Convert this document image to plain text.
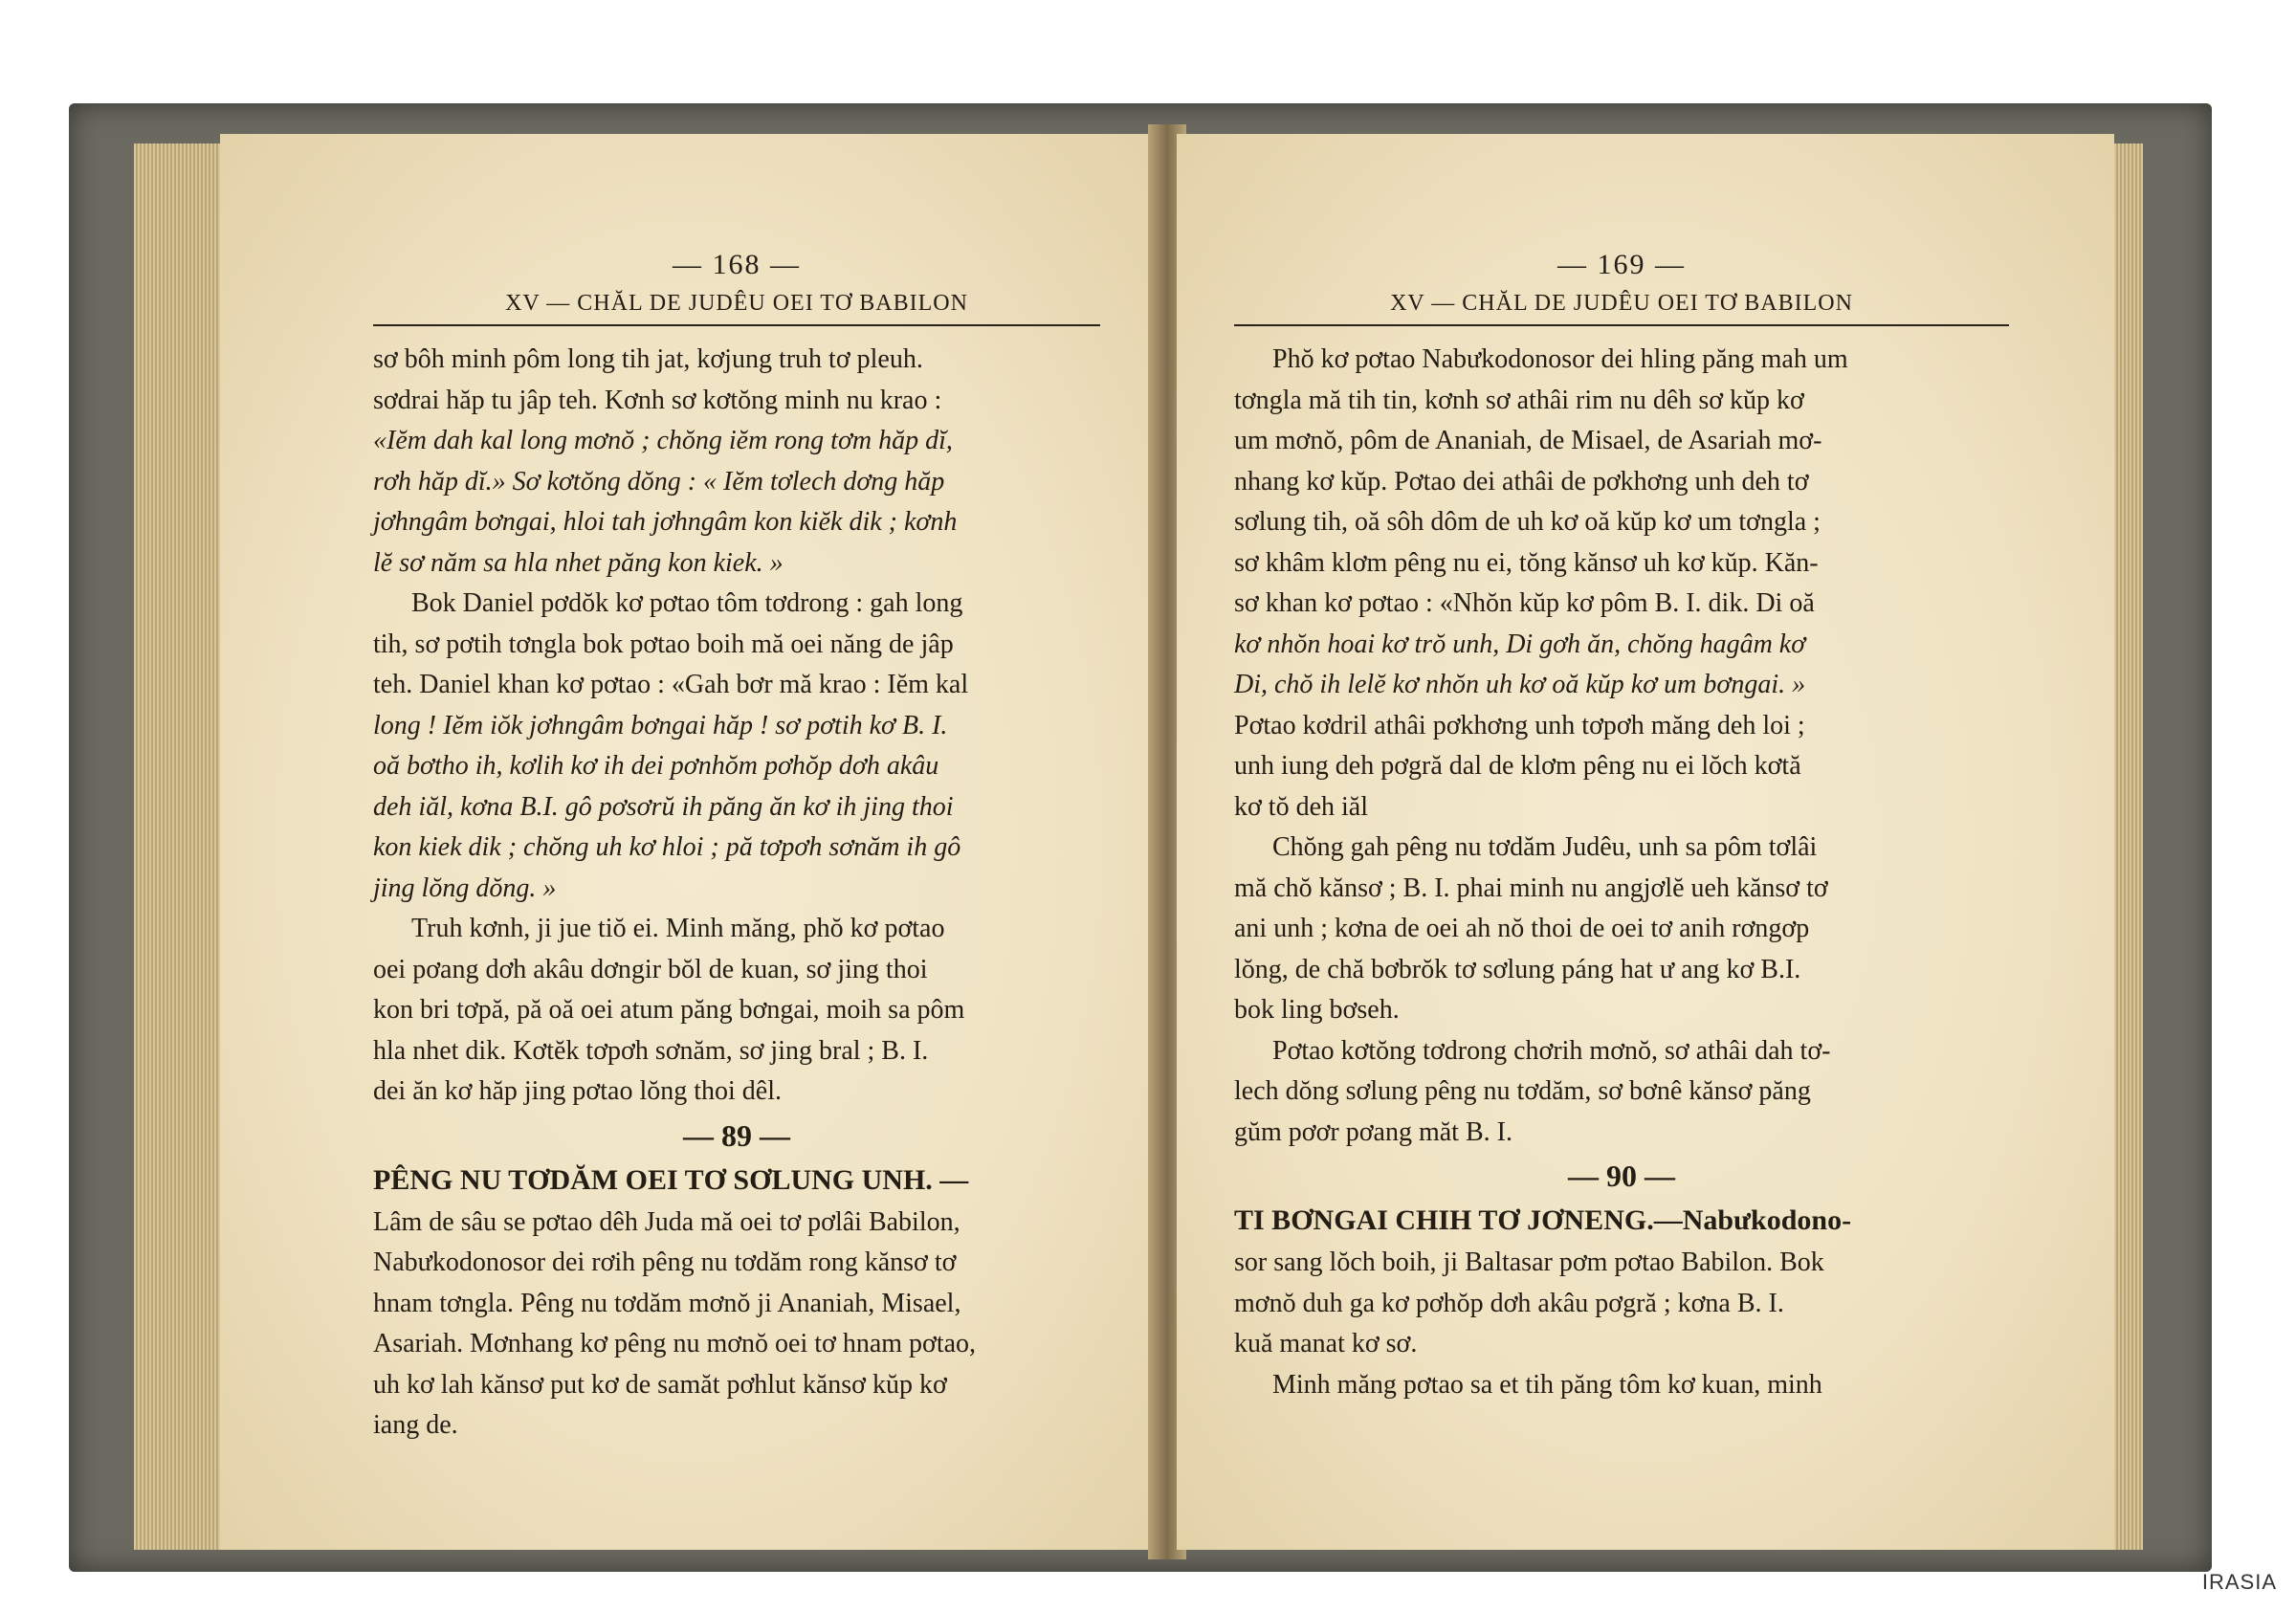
— 168 —
XV — CHĂL DE JUDÊU OEI TƠ BABILON
sơ bôh minh pôm long tih jat, kơjung truh tơ pleuh.
sơdrai hăp tu jâp teh. Kơnh sơ kơtŏng minh nu krao :
«Iĕm dah kal long mơnŏ ; chŏng iĕm rong tơm hăp dĭ,
rơh hăp dĭ.» Sơ kơtŏng dŏng : « Iĕm tơlech dơng hăp
jơhngâm bơngai, hloi tah jơhngâm kon kiĕk dik ; kơnh
lĕ sơ năm sa hla nhet păng kon kiek. »
Bok Daniel pơdŏk kơ pơtao tôm tơdrong : gah long
tih, sơ pơtih tơngla bok pơtao boih mă oei năng de jâp
teh. Daniel khan kơ pơtao : «Gah bơr mă krao : Iĕm kal
long ! Iĕm iŏk jơhngâm bơngai hăp ! sơ pơtih kơ B. I.
oă bơtho ih, kơlih kơ ih dei pơnhŏm pơhŏp dơh akâu
deh iăl, kơna B.I. gô pơsơrŭ ih păng ăn kơ ih jing thoi
kon kiek dik ; chŏng uh kơ hloi ; pă tơpơh sơnăm ih gô
jing lŏng dŏng. »
Truh kơnh, ji jue tiŏ ei. Minh măng, phŏ kơ pơtao
oei pơang dơh akâu dơngir bŏl de kuan, sơ jing thoi
kon bri tơpă, pă oă oei atum păng bơngai, moih sa pôm
hla nhet dik. Kơtĕk tơpơh sơnăm, sơ jing bral ; B. I.
dei ăn kơ hăp jing pơtao lŏng thoi dêl.
— 89 —
PÊNG NU TƠDĂM OEI TƠ SƠLUNG UNH. —
Lâm de sâu se pơtao dêh Juda mă oei tơ pơlâi Babilon,
Nabưkodonosor dei rơih pêng nu tơdăm rong kănsơ tơ
hnam tơngla. Pêng nu tơdăm mơnŏ ji Ananiah, Misael,
Asariah. Mơnhang kơ pêng nu mơnŏ oei tơ hnam pơtao,
uh kơ lah kănsơ put kơ de samăt pơhlut kănsơ kŭp kơ
iang de.
— 169 —
XV — CHĂL DE JUDÊU OEI TƠ BABILON
Phŏ kơ pơtao Nabưkodonosor dei hling păng mah um
tơngla mă tih tin, kơnh sơ athâi rim nu dêh sơ kŭp kơ
um mơnŏ, pôm de Ananiah, de Misael, de Asariah mơ-
nhang kơ kŭp. Pơtao dei athâi de pơkhơng unh deh tơ
sơlung tih, oă sôh dôm de uh kơ oă kŭp kơ um tơngla ;
sơ khâm klơm pêng nu ei, tŏng kănsơ uh kơ kŭp. Kăn-
sơ khan kơ pơtao : «Nhŏn kŭp kơ pôm B. I. dik. Di oă
kơ nhŏn hoai kơ trŏ unh, Di gơh ăn, chŏng hagâm kơ
Di, chŏ ih lelĕ kơ nhŏn uh kơ oă kŭp kơ um bơngai. »
Pơtao kơdril athâi pơkhơng unh tơpơh măng deh loi ;
unh iung deh pơgră dal de klơm pêng nu ei lŏch kơtă
kơ tŏ deh iăl
Chŏng gah pêng nu tơdăm Judêu, unh sa pôm tơlâi
mă chŏ kănsơ ; B. I. phai minh nu angjơlĕ ueh kănsơ tơ
ani unh ; kơna de oei ah nŏ thoi de oei tơ anih rơngơp
lŏng, de chă bơbrŏk tơ sơlung páng hat ư ang kơ B.I.
bok ling bơseh.
Pơtao kơtŏng tơdrong chơrih mơnŏ, sơ athâi dah tơ-
lech dŏng sơlung pêng nu tơdăm, sơ bơnê kănsơ păng
gŭm pơơr pơang măt B. I.
— 90 —
TI BƠNGAI CHIH TƠ JƠNENG.—Nabưkodono-
sor sang lŏch boih, ji Baltasar pơm pơtao Babilon. Bok
mơnŏ duh ga kơ pơhŏp dơh akâu pơgră ; kơna B. I.
kuă manat kơ sơ.
Minh măng pơtao sa et tih păng tôm kơ kuan, minh
IRASIA
